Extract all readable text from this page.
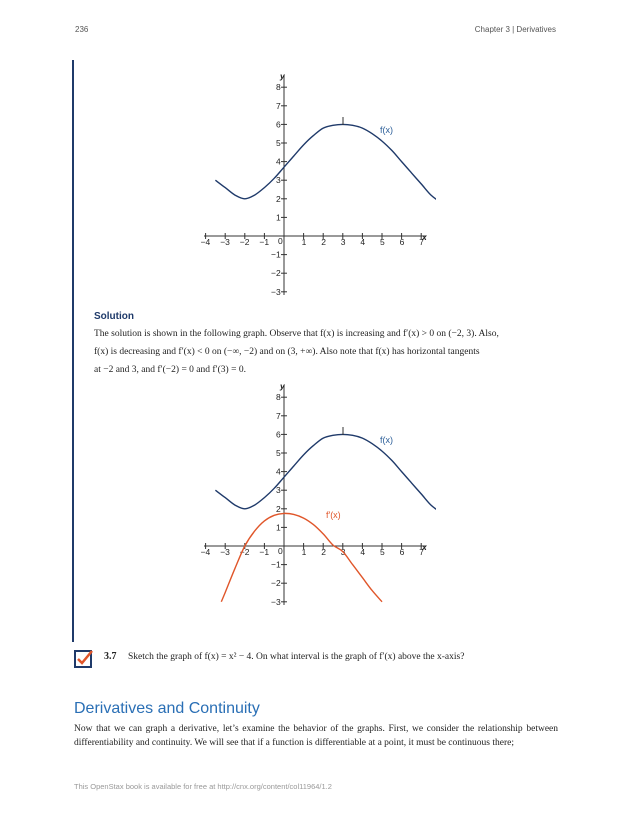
236	Chapter 3 | Derivatives
−4 −3 −2 −1	1 2 3 4 5 6 7
8
7
6
5
4
3
2
1
−1
−2
−3
0	x
y
f(x)
Solution
The solution is shown in the following graph. Observe that f(x) is increasing and f′(x) > 0 on (−2, 3). Also,
f(x) is decreasing and f′(x) < 0 on (−∞, −2) and on (3, +∞). Also note that f(x) has horizontal tangents
at −2 and 3, and f′(−2) = 0 and f′(3) = 0.
−4 −3 −2 −1	1 2 3 4 5 6 7
8
7
6
5
4
3
2
1
−1
−2
−3
0	x
y
f(x)
f′(x)
3.7 Sketch the graph of f(x) = x² − 4. On what interval is the graph of f′(x) above the x-axis?
Derivatives and Continuity
Now that we can graph a derivative, let’s examine the behavior of the graphs. First, we consider the relationship between differentiability and continuity. We will see that if a function is differentiable at a point, it must be continuous there;
This OpenStax book is available for free at http://cnx.org/content/col11964/1.2
